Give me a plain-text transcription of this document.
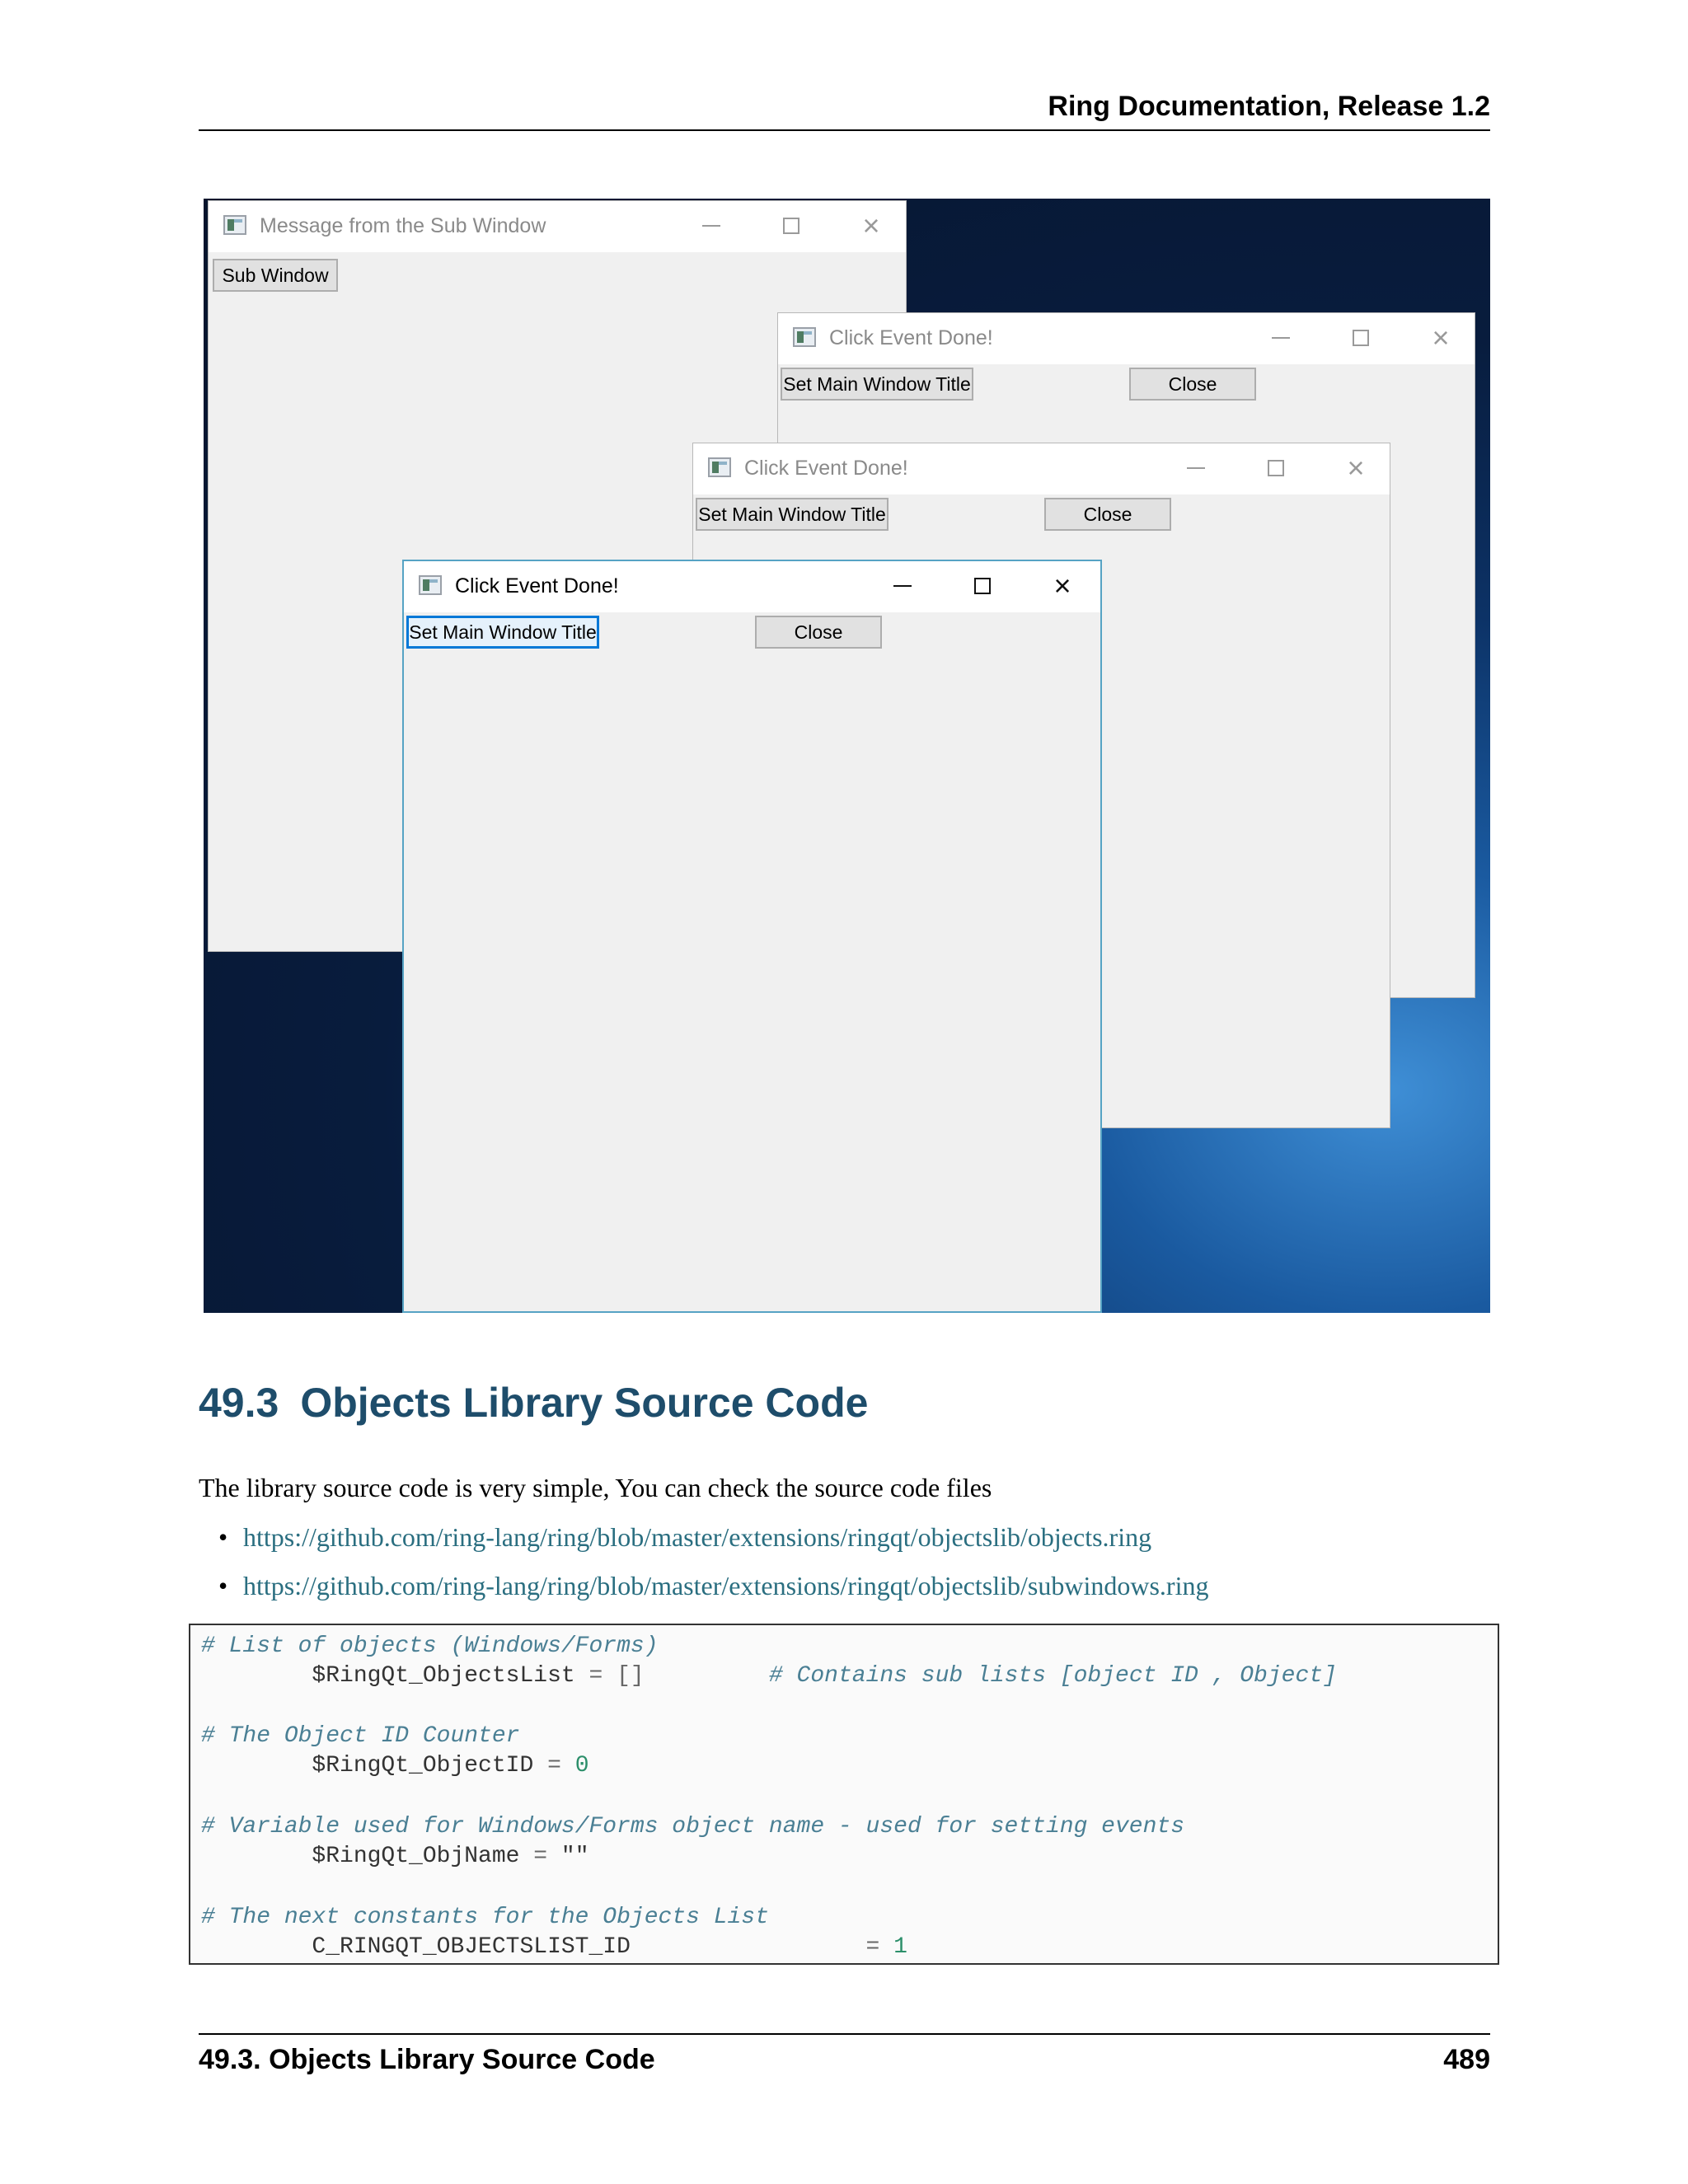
Ring Documentation, Release 1.2
Message from the Sub Window	×
Sub Window
Click Event Done!	×
Set Main Window Title	Close
Click Event Done!	×
Set Main Window Title	Close
Click Event Done!	×
Set Main Window Title	Close
49.3 Objects Library Source Code
The library source code is very simple, You can check the source code files
• https://github.com/ring-lang/ring/blob/master/extensions/ringqt/objectslib/objects.ring
• https://github.com/ring-lang/ring/blob/master/extensions/ringqt/objectslib/subwindows.ring
# List of objects (Windows/Forms)
$RingQt_ObjectsList = []	# Contains sub lists [object ID , Object]
# The Object ID Counter
$RingQt_ObjectID = 0
# Variable used for Windows/Forms object name - used for setting events
$RingQt_ObjName = ""
# The next constants for the Objects List
C_RINGQT_OBJECTSLIST_ID	= 1
49.3. Objects Library Source Code	489
